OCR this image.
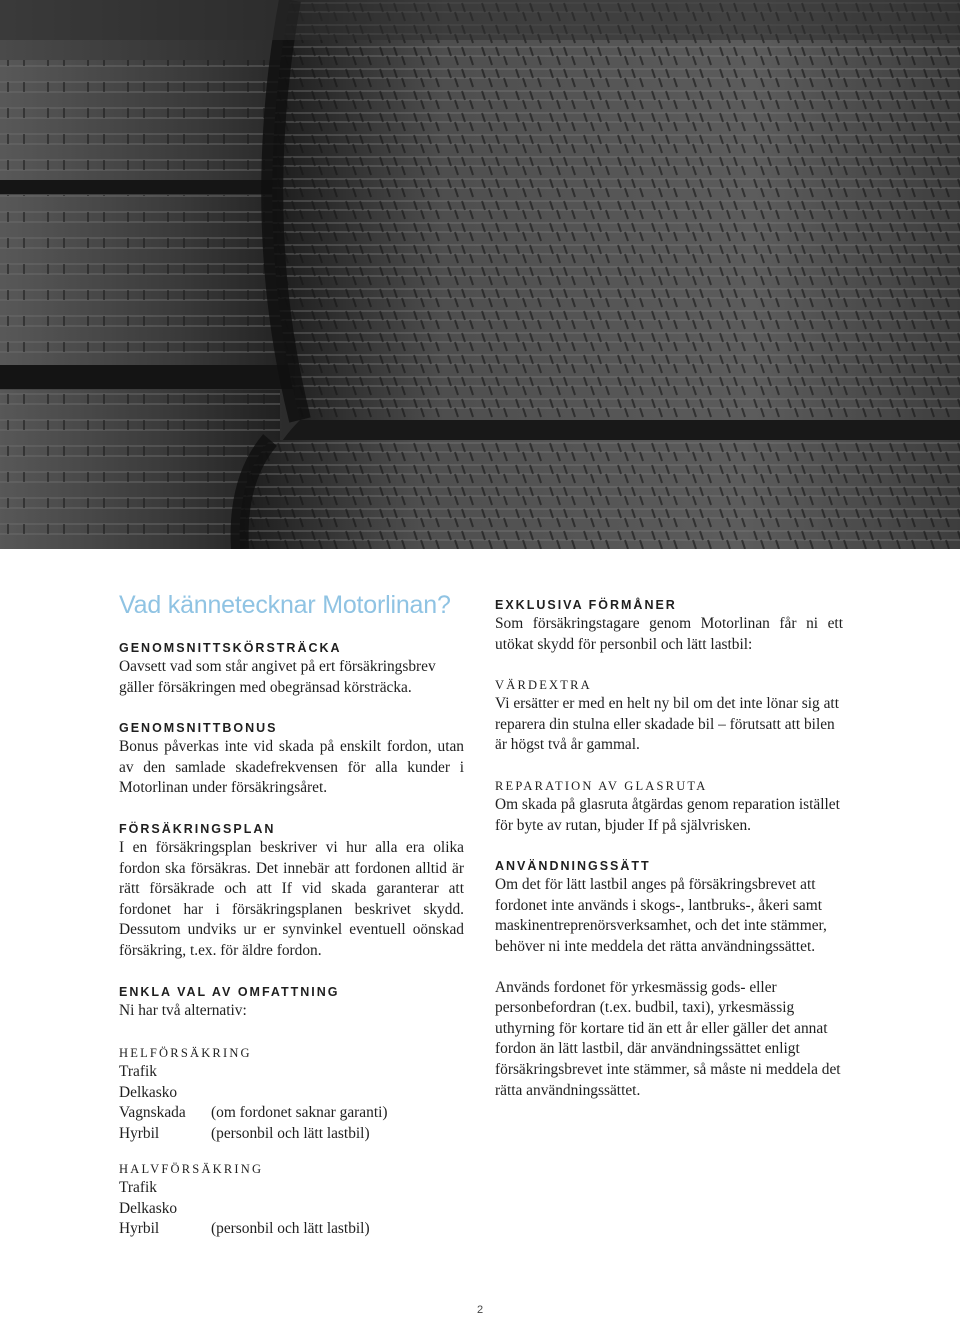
Vad kännetecknar Motorlinan?
GENOMSNITTSKÖRSTRÄCKA

Oavsett vad som står angivet på ert försäkringsbrev gäller försäkringen med obegränsad körsträcka.

GENOMSNITTBONUS

Bonus påverkas inte vid skada på enskilt fordon, utan av den samlade skadefrekvensen för alla kunder i Motorlinan under försäkringsåret.

FÖRSÄKRINGSPLAN

I en försäkringsplan beskriver vi hur alla era olika fordon ska försäkras. Det innebär att fordonen alltid är rätt försäkrade och att If vid skada garanterar att fordonet har i försäkringsplanen beskrivet skydd. Dessutom undviks ur er synvinkel eventuell oönskad försäkring, t.ex. för äldre fordon.

ENKLA VAL AV OMFATTNING

Ni har två alternativ:

HELFÖRSÄKRING
Trafik
Delkasko
Vagnskada	(om fordonet saknar garanti)
Hyrbil	(personbil och lätt lastbil)
HALVFÖRSÄKRING
Trafik
Delkasko
Hyrbil	(personbil och lätt lastbil)
EXKLUSIVA FÖRMÅNER

Som försäkringstagare genom Motorlinan får ni ett utökat skydd för personbil och lätt lastbil:

VÄRDEXTRA

Vi ersätter er med en helt ny bil om det inte lönar sig att reparera din stulna eller skadade bil – förutsatt att bilen är högst två år gammal.

REPARATION AV GLASRUTA

Om skada på glasruta åtgärdas genom reparation istället för byte av rutan, bjuder If på självrisken.

ANVÄNDNINGSSÄTT

Om det för lätt lastbil anges på försäkringsbrevet att fordonet inte används i skogs-, lantbruks-, åkeri samt maskinentreprenörsverksamhet, och det inte stämmer, behöver ni inte meddela det rätta användningssättet.

Används fordonet för yrkesmässig gods- eller personbefordran (t.ex. budbil, taxi), yrkesmässig uthyrning för kortare tid än ett år eller gäller det annat fordon än lätt lastbil, där användningssättet enligt försäkringsbrevet inte stämmer, så måste ni meddela det rätta användningssättet.

2
